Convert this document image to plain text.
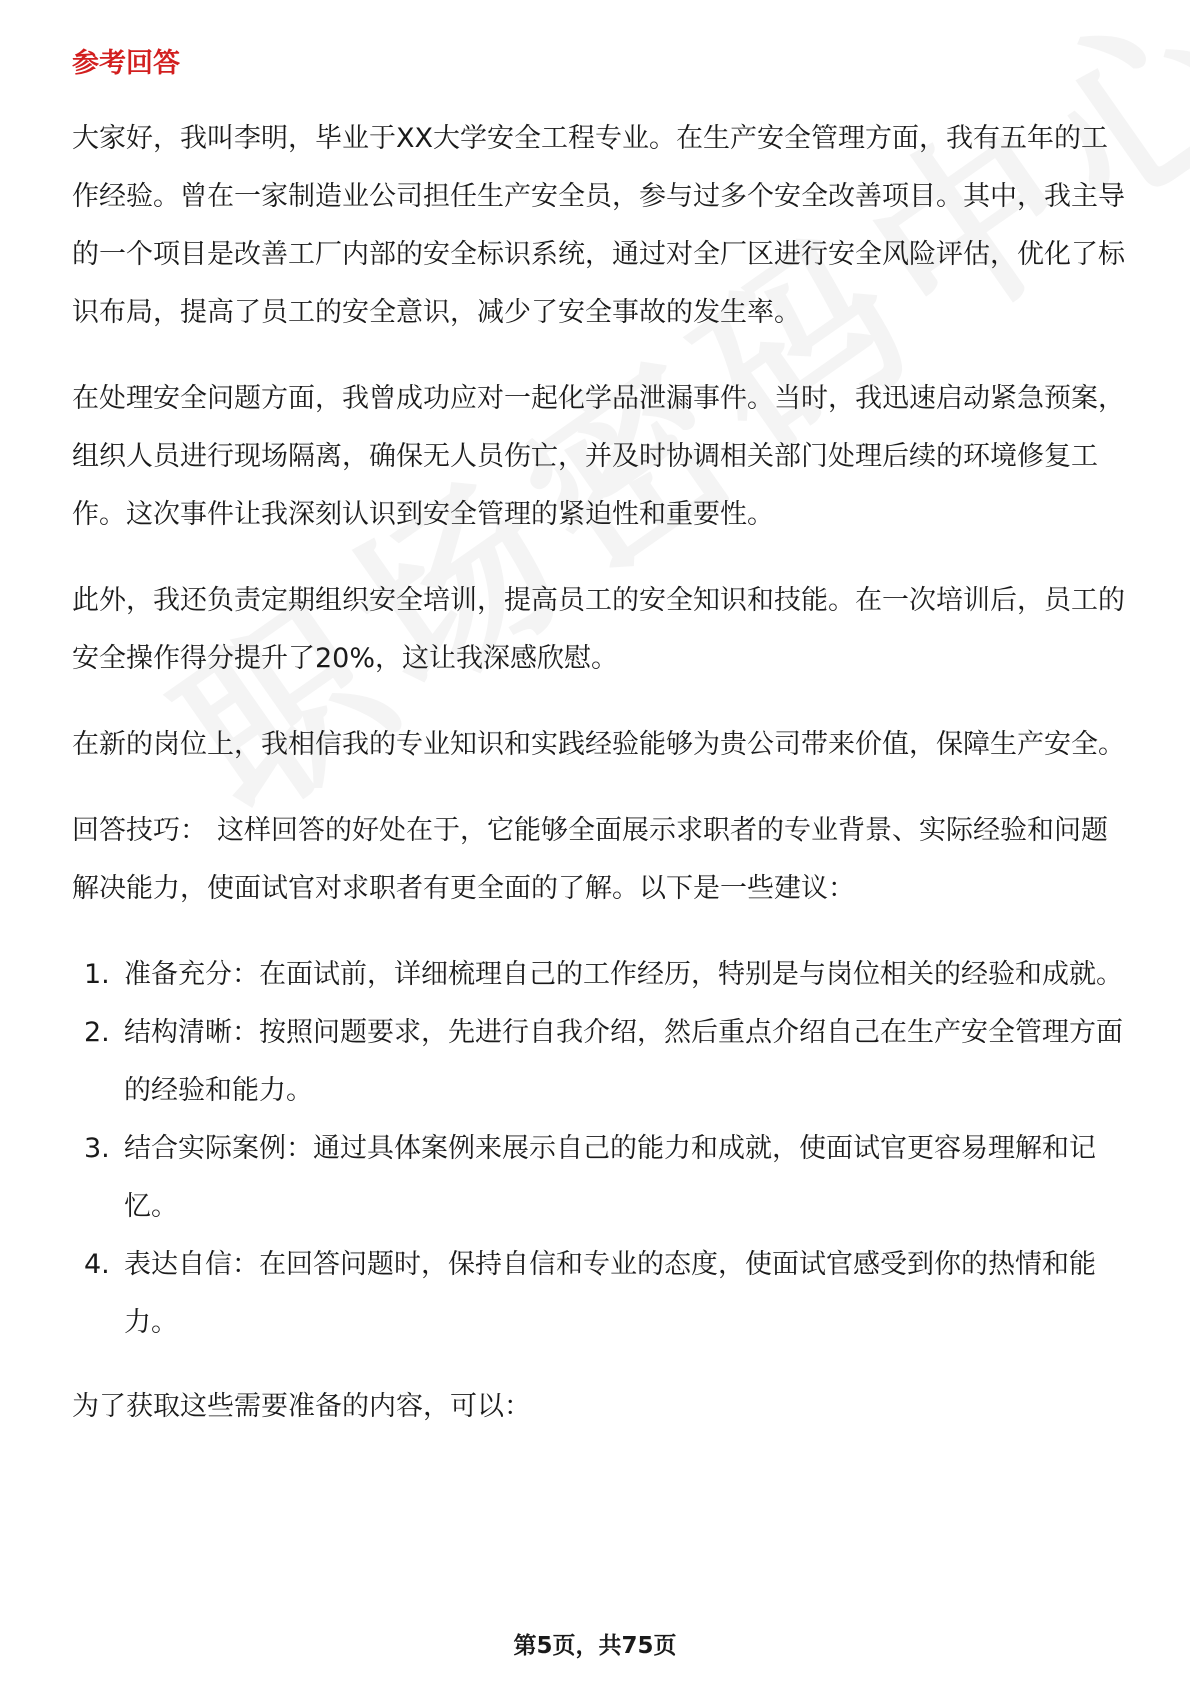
参考回答

大家好，我叫李明，毕业于XX大学安全工程专业。在生产安全管理方面，我有五年的工作经验。曾在一家制造业公司担任生产安全员，参与过多个安全改善项目。其中，我主导的一个项目是改善工厂内部的安全标识系统，通过对全厂区进行安全风险评估，优化了标识布局，提高了员工的安全意识，减少了安全事故的发生率。

在处理安全问题方面，我曾成功应对一起化学品泄漏事件。当时，我迅速启动紧急预案，组织人员进行现场隔离，确保无人员伤亡，并及时协调相关部门处理后续的环境修复工作。这次事件让我深刻认识到安全管理的紧迫性和重要性。

此外，我还负责定期组织安全培训，提高员工的安全知识和技能。在一次培训后，员工的安全操作得分提升了20%，这让我深感欣慰。

在新的岗位上，我相信我的专业知识和实践经验能够为贵公司带来价值，保障生产安全。

回答技巧： 这样回答的好处在于，它能够全面展示求职者的专业背景、实际经验和问题解决能力，使面试官对求职者有更全面的了解。以下是一些建议：

1. 准备充分：在面试前，详细梳理自己的工作经历，特别是与岗位相关的经验和成就。
2. 结构清晰：按照问题要求，先进行自我介绍，然后重点介绍自己在生产安全管理方面的经验和能力。
3. 结合实际案例：通过具体案例来展示自己的能力和成就，使面试官更容易理解和记忆。
4. 表达自信：在回答问题时，保持自信和专业的态度，使面试官感受到你的热情和能力。

为了获取这些需要准备的内容，可以：

第5页，共75页
